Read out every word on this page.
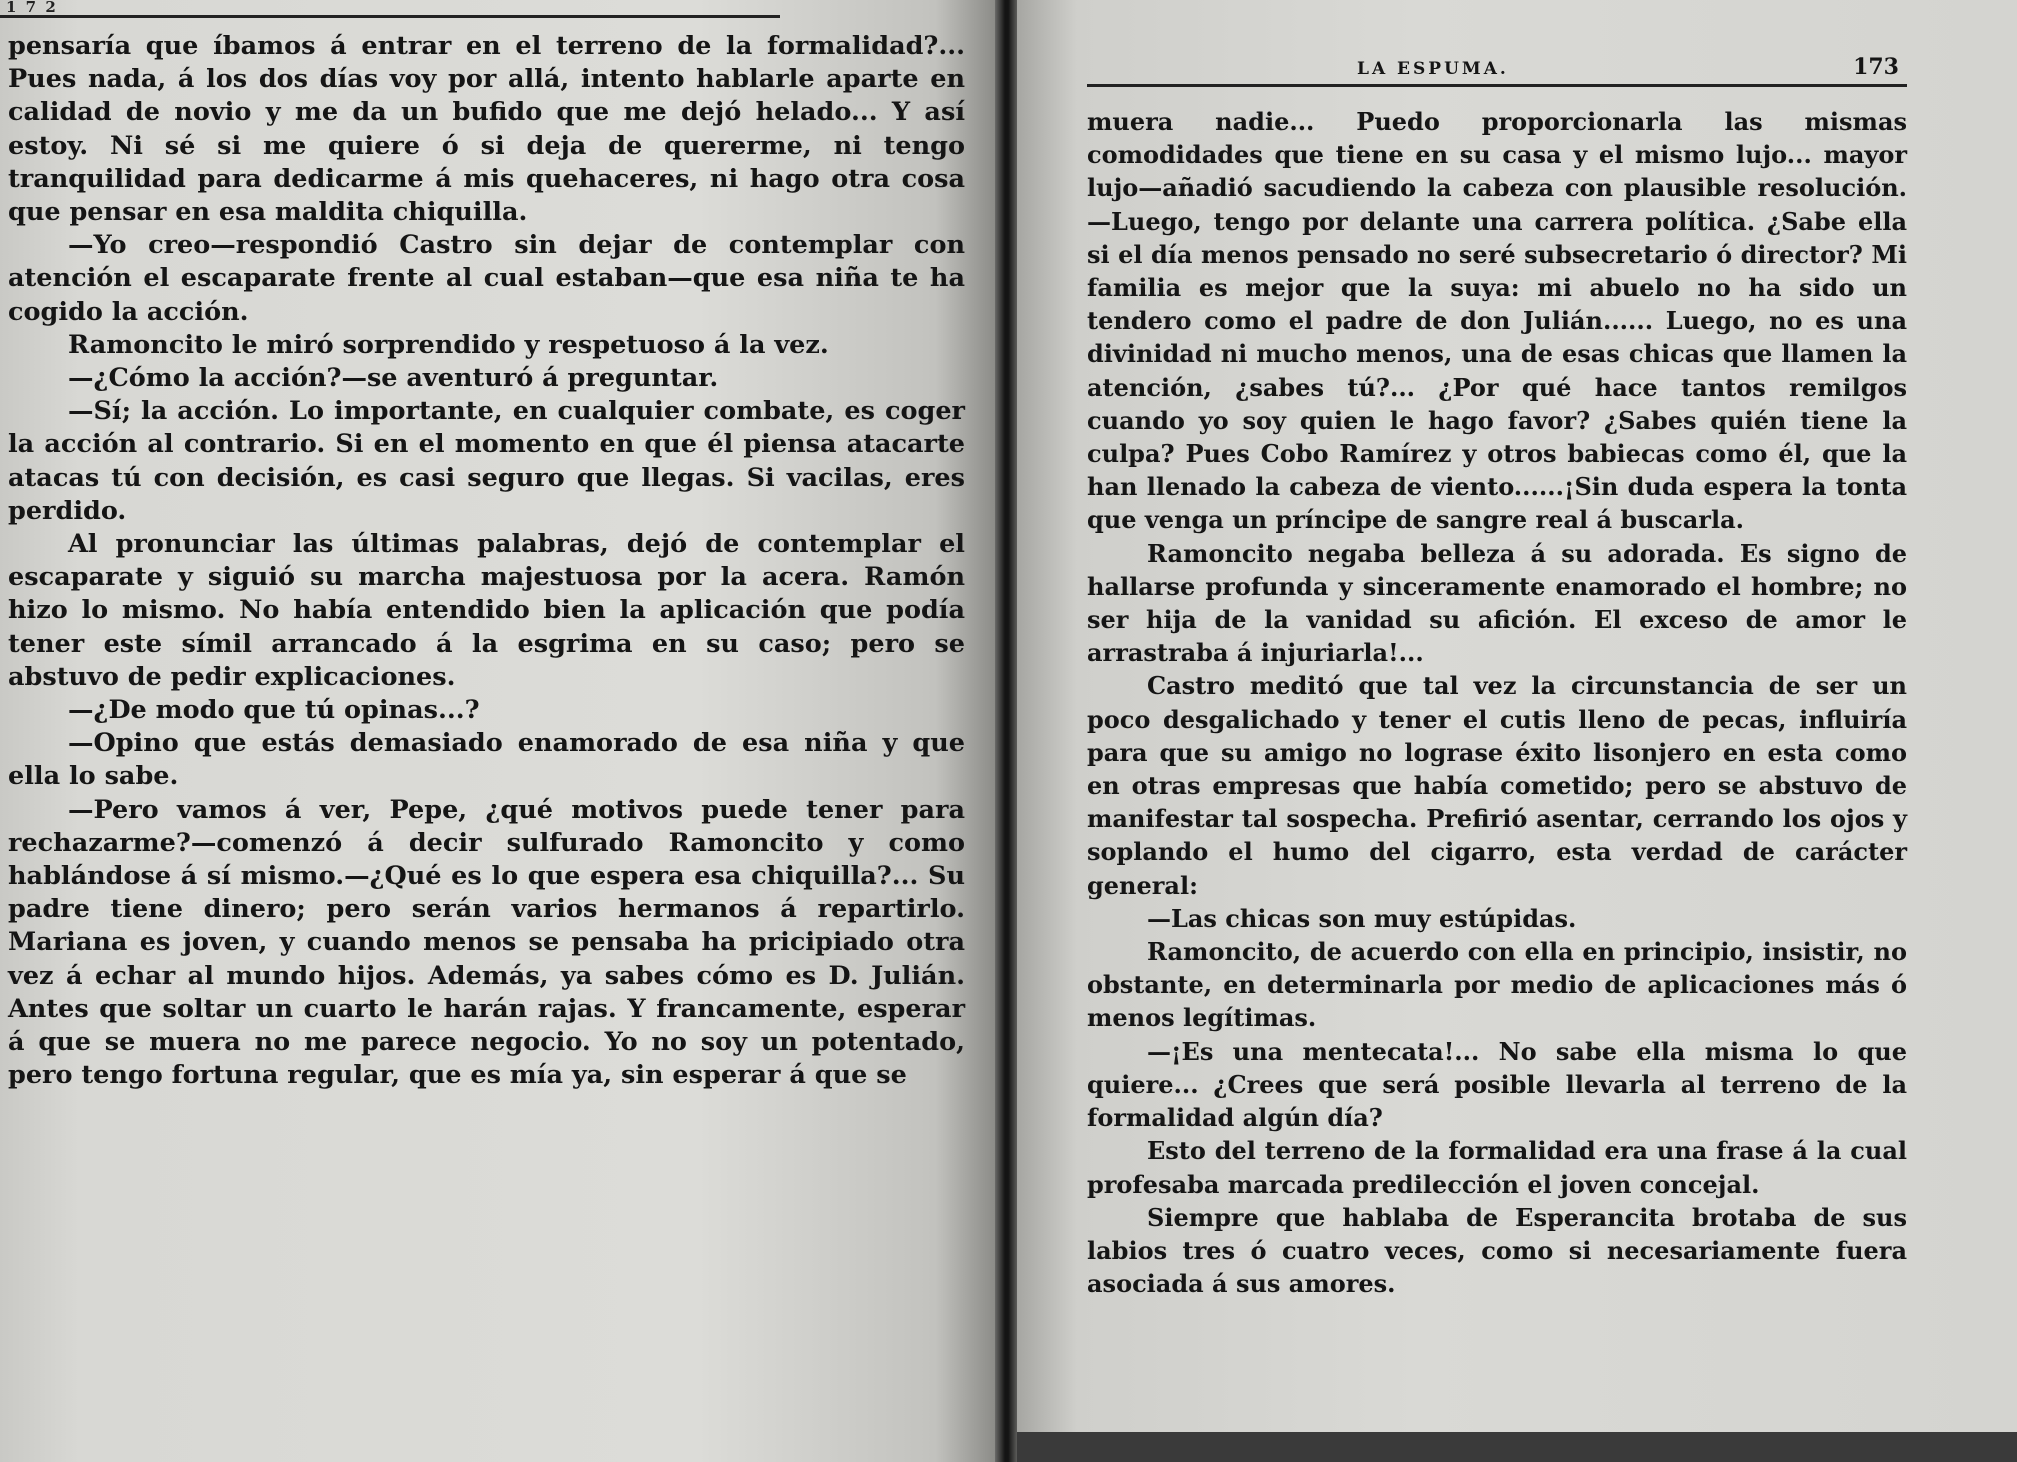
1 7 2

pensaría que íbamos á entrar en el terreno de la formalidad?... Pues nada, á los dos días voy por allá, intento hablarle aparte en calidad de novio y me da un bufido que me dejó helado... Y así estoy. Ni sé si me quiere ó si deja de quererme, ni tengo tranquilidad para dedicarme á mis quehaceres, ni hago otra cosa que pensar en esa maldita chiquilla.

—Yo creo—respondió Castro sin dejar de contemplar con atención el escaparate frente al cual estaban—que esa niña te ha cogido la acción.

Ramoncito le miró sorprendido y respetuoso á la vez.

—¿Cómo la acción?—se aventuró á preguntar.

—Sí; la acción. Lo importante, en cualquier combate, es coger la acción al contrario. Si en el momento en que él piensa atacarte atacas tú con decisión, es casi seguro que llegas. Si vacilas, eres perdido.

Al pronunciar las últimas palabras, dejó de contemplar el escaparate y siguió su marcha majestuosa por la acera. Ramón hizo lo mismo. No había entendido bien la aplicación que podía tener este símil arrancado á la esgrima en su caso; pero se abstuvo de pedir explicaciones.

—¿De modo que tú opinas...?

—Opino que estás demasiado enamorado de esa niña y que ella lo sabe.

—Pero vamos á ver, Pepe, ¿qué motivos puede tener para rechazarme?—comenzó á decir sulfurado Ramoncito y como hablándose á sí mismo.—¿Qué es lo que espera esa chiquilla?... Su padre tiene dinero; pero serán varios hermanos á repartirlo. Mariana es joven, y cuando menos se pensaba ha pricipiado otra vez á echar al mundo hijos. Además, ya sabes cómo es D. Julián. Antes que soltar un cuarto le harán rajas. Y francamente, esperar á que se muera no me parece negocio. Yo no soy un potentado, pero tengo fortuna regular, que es mía ya, sin esperar á que se

LA ESPUMA.	173

muera nadie... Puedo proporcionarla las mismas comodidades que tiene en su casa y el mismo lujo... mayor lujo—añadió sacudiendo la cabeza con plausible resolución.—Luego, tengo por delante una carrera política. ¿Sabe ella si el día menos pensado no seré subsecretario ó director? Mi familia es mejor que la suya: mi abuelo no ha sido un tendero como el padre de don Julián...... Luego, no es una divinidad ni mucho menos, una de esas chicas que llamen la atención, ¿sabes tú?... ¿Por qué hace tantos remilgos cuando yo soy quien le hago favor? ¿Sabes quién tiene la culpa? Pues Cobo Ramírez y otros babiecas como él, que la han llenado la cabeza de viento......¡Sin duda espera la tonta que venga un príncipe de sangre real á buscarla.

Ramoncito negaba belleza á su adorada. Es signo de hallarse profunda y sinceramente enamorado el hombre; no ser hija de la vanidad su afición. El exceso de amor le arrastraba á injuriarla!...

Castro meditó que tal vez la circunstancia de ser un poco desgalichado y tener el cutis lleno de pecas, influiría para que su amigo no lograse éxito lisonjero en esta como en otras empresas que había cometido; pero se abstuvo de manifestar tal sospecha. Prefirió asentar, cerrando los ojos y soplando el humo del cigarro, esta verdad de carácter general:

—Las chicas son muy estúpidas.

Ramoncito, de acuerdo con ella en principio, insistir, no obstante, en determinarla por medio de aplicaciones más ó menos legítimas.

—¡Es una mentecata!... No sabe ella misma lo que quiere... ¿Crees que será posible llevarla al terreno de la formalidad algún día?

Esto del terreno de la formalidad era una frase á la cual profesaba marcada predilección el joven concejal.

Siempre que hablaba de Esperancita brotaba de sus labios tres ó cuatro veces, como si necesariamente fuera asociada á sus amores.
